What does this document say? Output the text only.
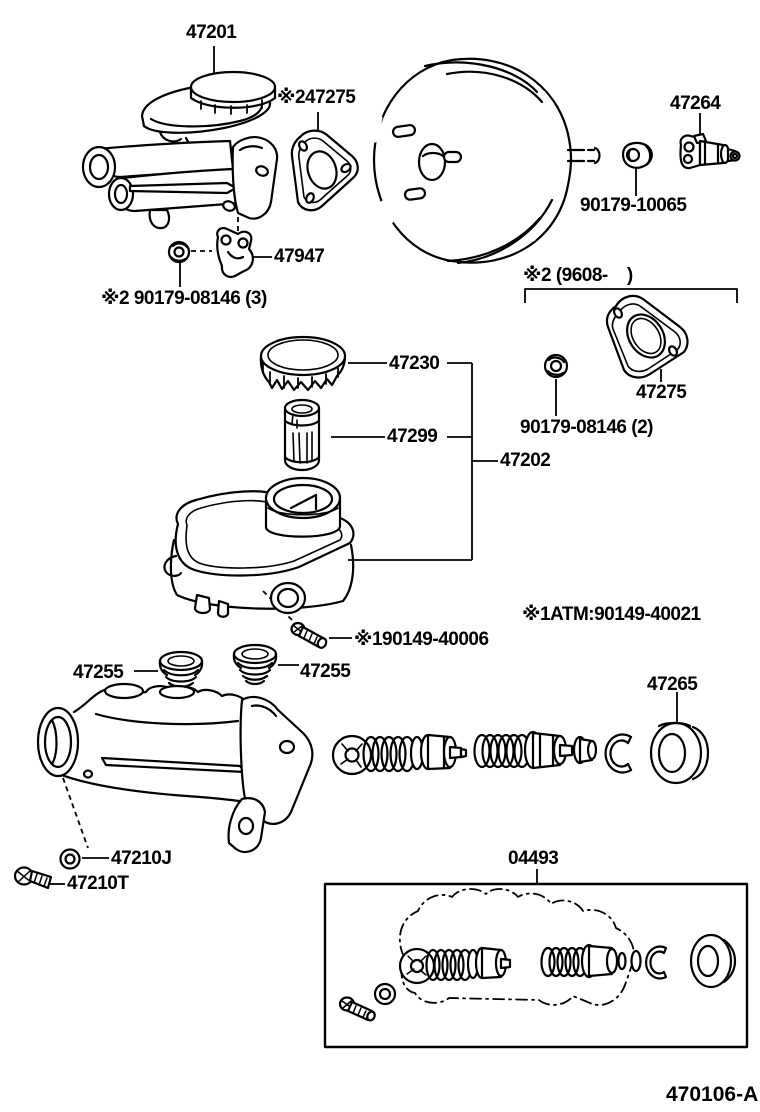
47201
※247275	47264
90179-10065
47947
※2 90179-08146 (3)
※2 (9608-    )
47230
47275
90179-08146 (2)
47299
47202
※1ATM:90149-40021
※190149-40006
47255	47255
47265
47210J
47210T
04493
470106-A
